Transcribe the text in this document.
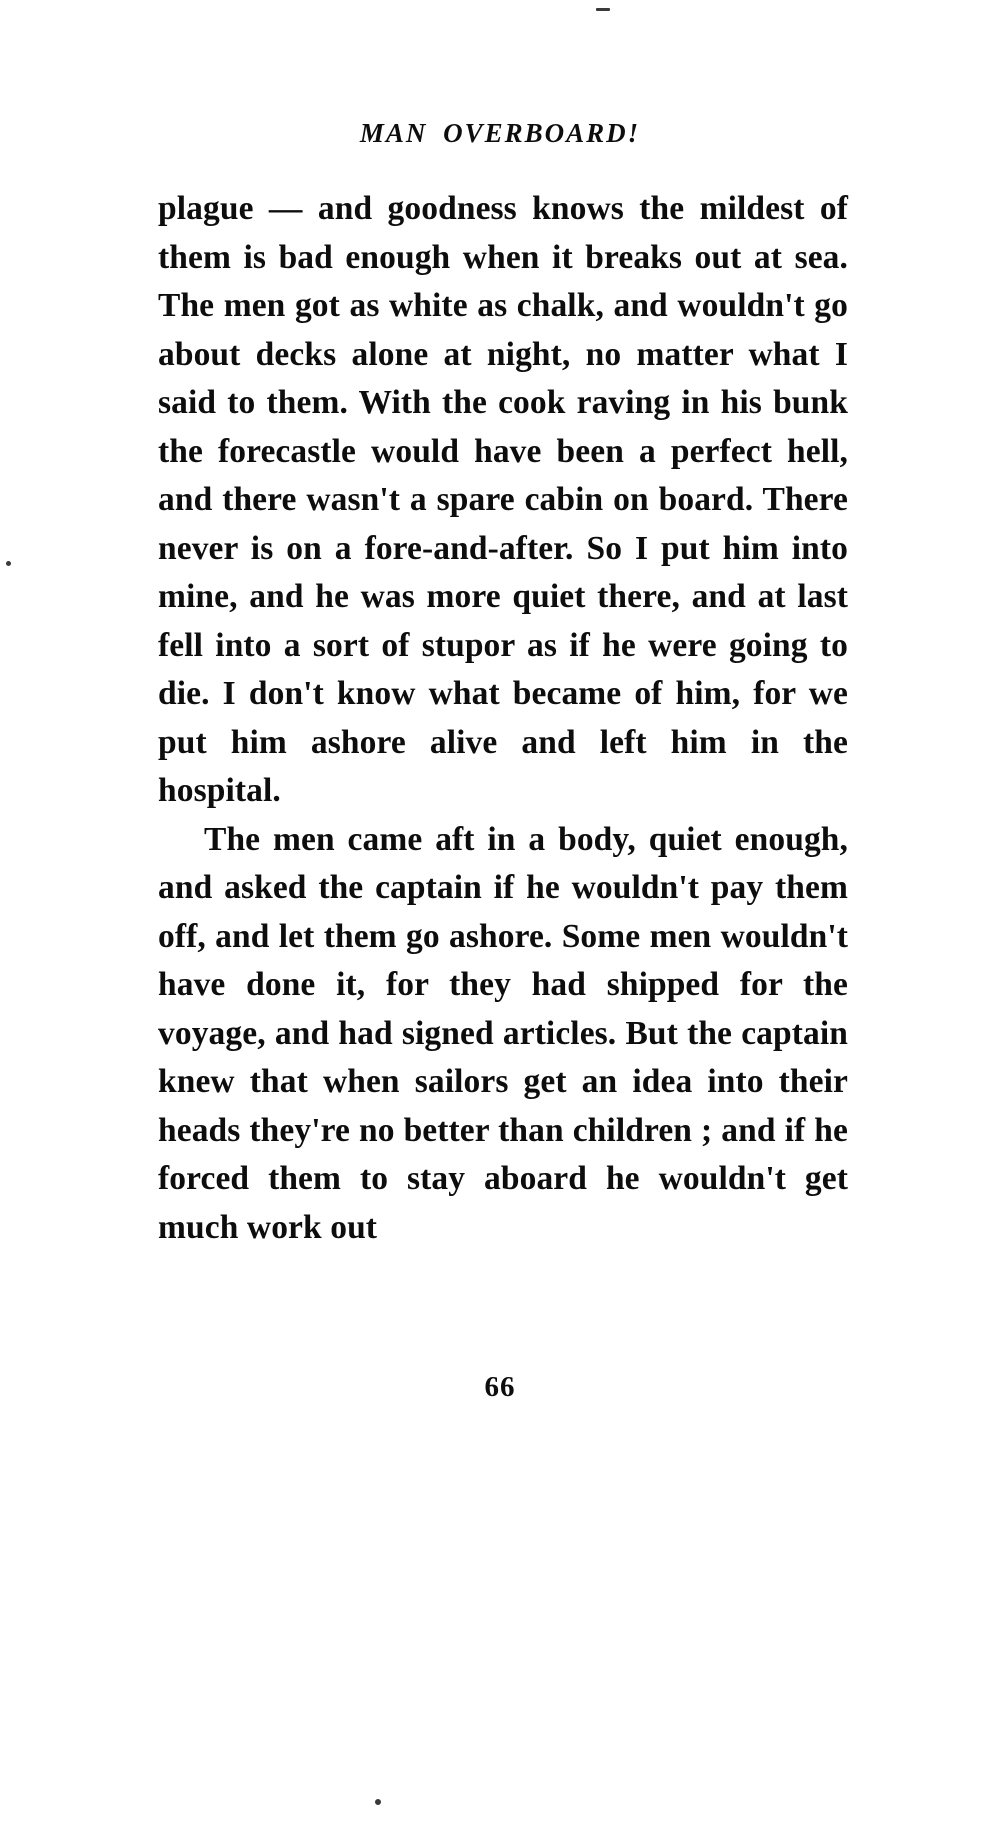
MAN OVERBOARD!

plague — and goodness knows the mildest of them is bad enough when it breaks out at sea. The men got as white as chalk, and wouldn't go about decks alone at night, no matter what I said to them. With the cook raving in his bunk the forecastle would have been a perfect hell, and there wasn't a spare cabin on board. There never is on a fore-and-after. So I put him into mine, and he was more quiet there, and at last fell into a sort of stupor as if he were going to die. I don't know what became of him, for we put him ashore alive and left him in the hospital.

The men came aft in a body, quiet enough, and asked the captain if he wouldn't pay them off, and let them go ashore. Some men wouldn't have done it, for they had shipped for the voyage, and had signed articles. But the captain knew that when sailors get an idea into their heads they're no better than children ; and if he forced them to stay aboard he wouldn't get much work out

66
